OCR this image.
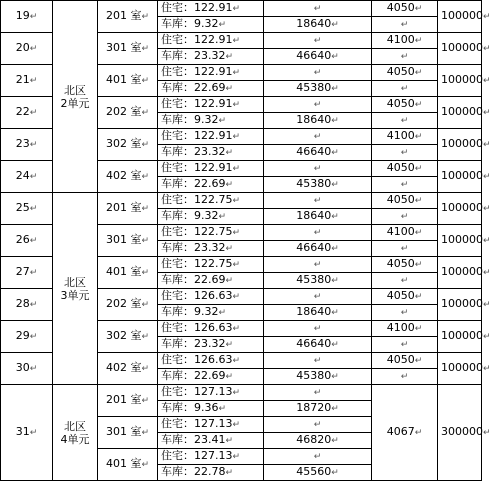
19↵	北区
2单元	201 室↵	住宅：122.91↵	↵	4050↵	100000↵
			车库：9.32↵	18640↵	↵	
20↵		301 室↵	住宅：122.91↵	↵	4100↵	100000↵
			车库：23.32↵	46640↵	↵	
21↵		401 室↵	住宅：122.91↵	↵	4050↵	100000↵
			车库：22.69↵	45380↵	↵	
22↵		202 室↵	住宅：122.91↵	↵	4050↵	100000↵
			车库：9.32↵	18640↵	↵	
23↵		302 室↵	住宅：122.91↵	↵	4100↵	100000↵
			车库：23.32↵	46640↵	↵	
24↵		402 室↵	住宅：122.91↵	↵	4050↵	100000↵
			车库：22.69↵	45380↵	↵	
25↵	北区
3单元	201 室↵	住宅：122.75↵	↵	4050↵	100000↵
			车库：9.32↵	18640↵	↵	
26↵		301 室↵	住宅：122.75↵	↵	4100↵	100000↵
			车库：23.32↵	46640↵	↵	
27↵		401 室↵	住宅：122.75↵	↵	4050↵	100000↵
			车库：22.69↵	45380↵	↵	
28↵		202 室↵	住宅：126.63↵	↵	4050↵	100000↵
			车库：9.32↵	18640↵	↵	
29↵		302 室↵	住宅：126.63↵	↵	4100↵	100000↵
			车库：23.32↵	46640↵	↵	
30↵		402 室↵	住宅：126.63↵	↵	4050↵	100000↵
			车库：22.69↵	45380↵	↵	
31↵	北区
4单元	201 室↵	住宅：127.13↵	↵	4067↵	300000↵
			车库：9.36↵	18720↵		
		301 室↵	住宅：127.13↵	↵		
			车库：23.41↵	46820↵		
		401 室↵	住宅：127.13↵	↵		
			车库：22.78↵	45560↵		
